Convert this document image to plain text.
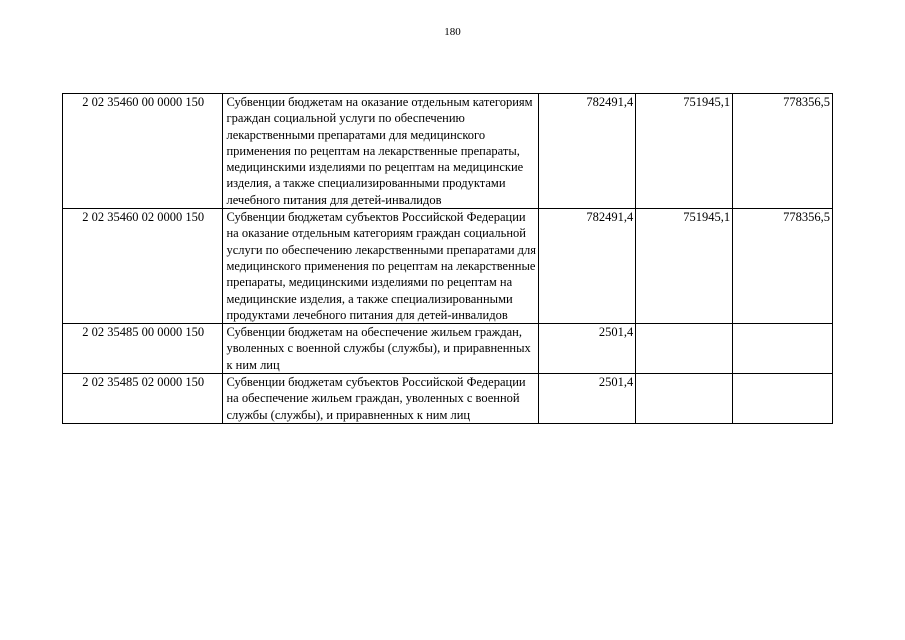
180
2 02 35460 00 0000 150	Субвенции бюджетам на оказание отдельным категориям граждан социальной услуги по обеспечению лекарственными препаратами для медицинского применения по рецептам на лекарственные препараты, медицинскими изделиями по рецептам на медицинские изделия, а также специализированными продуктами лечебного питания для детей-инвалидов	782491,4	751945,1	778356,5
2 02 35460 02 0000 150	Субвенции бюджетам субъектов Российской Федерации на оказание отдельным категориям граждан социальной услуги по обеспечению лекарственными препаратами для медицинского применения по рецептам на лекарственные препараты, медицинскими изделиями по рецептам на медицинские изделия, а также специализированными продуктами лечебного питания для детей-инвалидов	782491,4	751945,1	778356,5
2 02 35485 00 0000 150	Субвенции бюджетам на обеспечение жильем граждан, уволенных с военной службы (службы), и приравненных к ним лиц	2501,4		
2 02 35485 02 0000 150	Субвенции бюджетам субъектов Российской Федерации на обеспечение жильем граждан, уволенных с военной службы (службы), и приравненных к ним лиц	2501,4		
